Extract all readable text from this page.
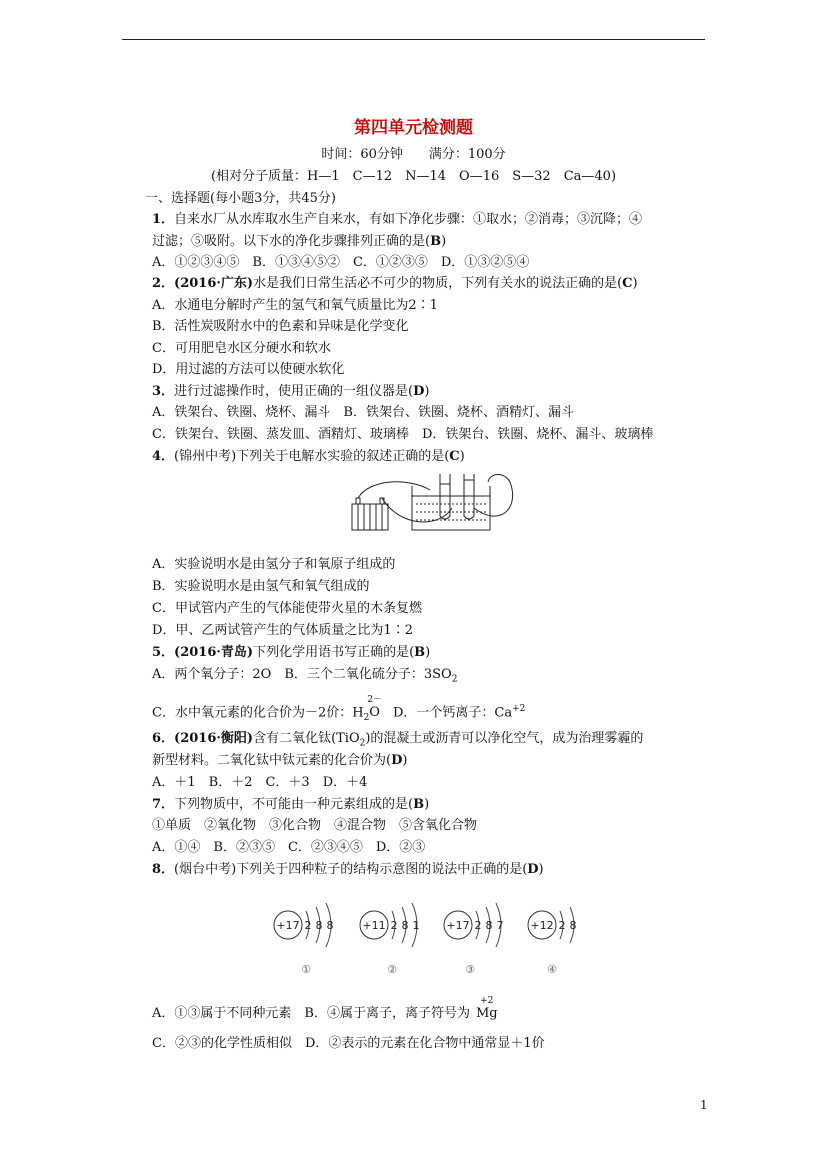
第四单元检测题
时间：60分钟　　满分：100分
(相对分子质量：H—1　C—12　N—14　O—16　S—32　Ca—40)
一、选择题(每小题3分，共45分)
1．自来水厂从水库取水生产自来水，有如下净化步骤：①取水；②消毒；③沉降；④
过滤；⑤吸附。以下水的净化步骤排列正确的是(B)
A．①②③④⑤　B．①③④⑤②　C．①②③⑤　D．①③②⑤④
2．(2016·广东)水是我们日常生活必不可少的物质，下列有关水的说法正确的是(C)
A．水通电分解时产生的氢气和氧气质量比为2∶1
B．活性炭吸附水中的色素和异味是化学变化
C．可用肥皂水区分硬水和软水
D．用过滤的方法可以使硬水软化
3．进行过滤操作时，使用正确的一组仪器是(D)
A．铁架台、铁圈、烧杯、漏斗　B．铁架台、铁圈、烧杯、酒精灯、漏斗
C．铁架台、铁圈、蒸发皿、酒精灯、玻璃棒　D．铁架台、铁圈、烧杯、漏斗、玻璃棒
4．(锦州中考)下列关于电解水实验的叙述正确的是(C)
A．实验说明水是由氢分子和氧原子组成的
B．实验说明水是由氢气和氧气组成的
C．甲试管内产生的气体能使带火星的木条复燃
D．甲、乙两试管产生的气体质量之比为1∶2
5．(2016·青岛)下列化学用语书写正确的是(B)
A．两个氧分子：2O　B．三个二氧化硫分子：$3SO_2$
C．水中氧元素的化合价为－2价：$H_2$
2－
O　D．一个钙离子：$Ca^{+2}$
6．(2016·衡阳)含有二氧化钛(TiO$_2$)的混凝土或沥青可以净化空气，成为治理雾霾的
新型材料。二氧化钛中钛元素的化合价为(D)
A．＋1　B．＋2　C．＋3　D．＋4
7．下列物质中，不可能由一种元素组成的是(B)
①单质　②氧化物　③化合物　④混合物　⑤含氧化合物
A．①④　B．②③⑤　C．②③④⑤　D．②③
8．(烟台中考)下列关于四种粒子的结构示意图的说法中正确的是(D)
+17 2 8 8
①
+11 2 8 1
②
+17 2 8 7
③
+12 2 8
④
A．①③属于不同种元素　B．④属于离子，离子符号为
+2
Mg
C．②③的化学性质相似　D．②表示的元素在化合物中通常显＋1价
1
